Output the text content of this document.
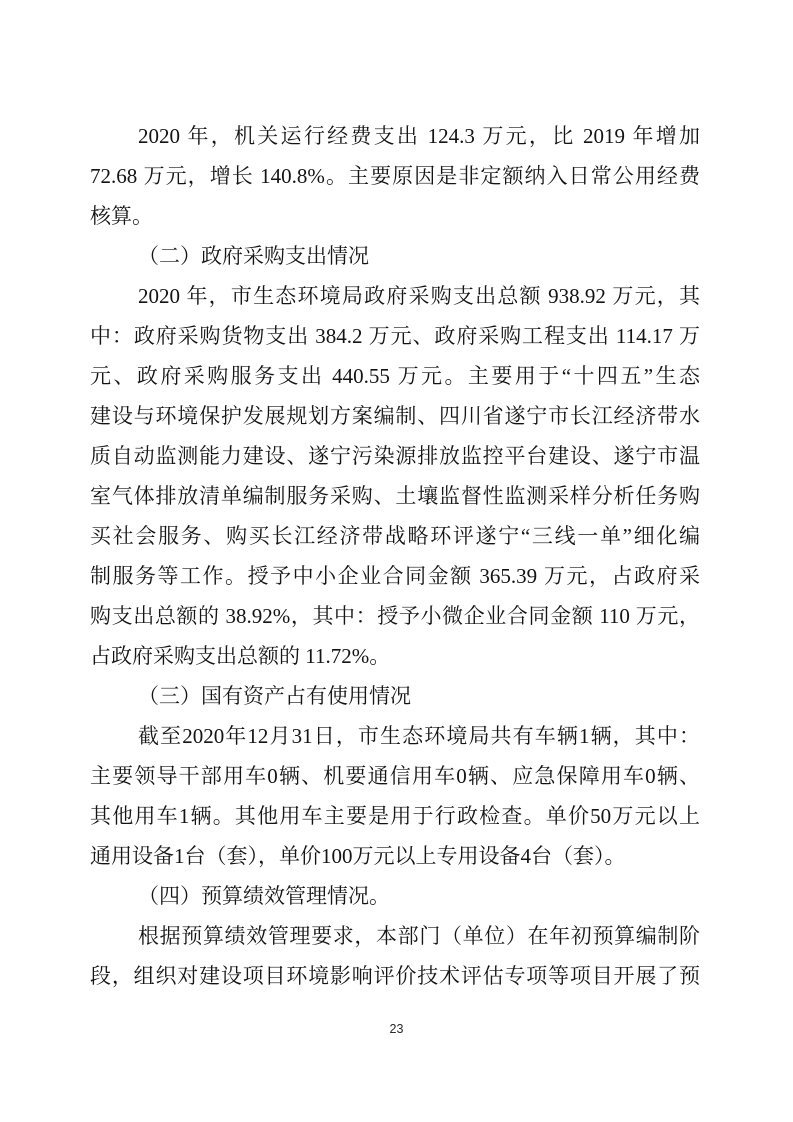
2020 年，机关运行经费支出 124.3 万元，比 2019 年增加
72.68 万元，增长 140.8%。主要原因是非定额纳入日常公用经费
核算。
（二）政府采购支出情况
2020 年，市生态环境局政府采购支出总额 938.92 万元，其
中：政府采购货物支出 384.2 万元、政府采购工程支出 114.17 万
元、政府采购服务支出 440.55 万元。主要用于“十四五”生态
建设与环境保护发展规划方案编制、四川省遂宁市长江经济带水
质自动监测能力建设、遂宁污染源排放监控平台建设、遂宁市温
室气体排放清单编制服务采购、土壤监督性监测采样分析任务购
买社会服务、购买长江经济带战略环评遂宁“三线一单”细化编
制服务等工作。授予中小企业合同金额 365.39 万元，占政府采
购支出总额的 38.92%，其中：授予小微企业合同金额 110 万元，
占政府采购支出总额的 11.72%。
（三）国有资产占有使用情况
截至2020年12月31日，市生态环境局共有车辆1辆，其中：
主要领导干部用车0辆、机要通信用车0辆、应急保障用车0辆、
其他用车1辆。其他用车主要是用于行政检查。单价50万元以上
通用设备1台（套），单价100万元以上专用设备4台（套）。
（四）预算绩效管理情况。
根据预算绩效管理要求，本部门（单位）在年初预算编制阶
段，组织对建设项目环境影响评价技术评估专项等项目开展了预
23
